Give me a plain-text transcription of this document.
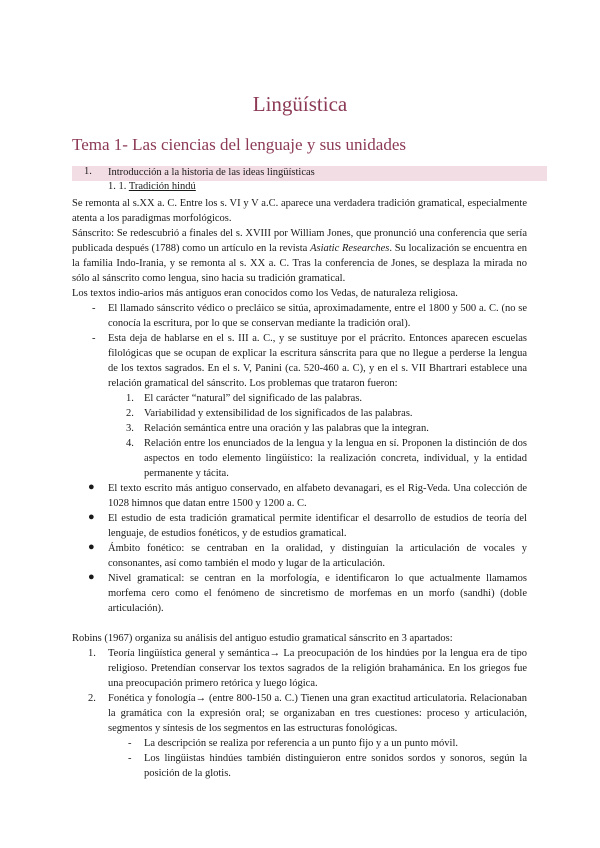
Lingüística
Tema 1- Las ciencias del lenguaje y sus unidades
1. Introducción a la historia de las ideas lingüísticas
1. 1. Tradición hindú

Se remonta al s.XX a. C. Entre los s. VI y V a.C. aparece una verdadera tradición gramatical, especialmente atenta a los paradigmas morfológicos.

Sánscrito: Se redescubrió a finales del s. XVIII por William Jones, que pronunció una conferencia que sería publicada después (1788) como un artículo en la revista Asiatic Researches. Su localización se encuentra en la familia Indo-Irania, y se remonta al s. XX a. C. Tras la conferencia de Jones, se desplaza la mirada no sólo al sánscrito como lengua, sino hacia su tradición gramatical.

Los textos indio-arios más antiguos eran conocidos como los Vedas, de naturaleza religiosa.

- El llamado sánscrito védico o precláico se sitúa, aproximadamente, entre el 1800 y 500 a. C. (no se conocía la escritura, por lo que se conservan mediante la tradición oral).
- Esta deja de hablarse en el s. III a. C., y se sustituye por el prácrito. Entonces aparecen escuelas filológicas que se ocupan de explicar la escritura sánscrita para que no llegue a perderse la lengua de los textos sagrados. En el s. V, Panini (ca. 520-460 a. C), y en el s. VII Bhartrari establece una relación gramatical del sánscrito. Los problemas que trataron fueron:
1. El carácter “natural” del significado de las palabras.
2. Variabilidad y extensibilidad de los significados de las palabras.
3. Relación semántica entre una oración y las palabras que la integran.
4. Relación entre los enunciados de la lengua y la lengua en sí. Proponen la distinción de dos aspectos en todo elemento lingüístico: la realización concreta, individual, y la entidad permanente y tácita.
● El texto escrito más antiguo conservado, en alfabeto devanagari, es el Rig-Veda. Una colección de 1028 himnos que datan entre 1500 y 1200 a. C.
● El estudio de esta tradición gramatical permite identificar el desarrollo de estudios de teoría del lenguaje, de estudios fonéticos, y de estudios gramatical.
● Ámbito fonético: se centraban en la oralidad, y distinguían la articulación de vocales y consonantes, así como también el modo y lugar de la articulación.
● Nivel gramatical: se centran en la morfología, e identificaron lo que actualmente llamamos morfema cero como el fenómeno de sincretismo de morfemas en un morfo (sandhi) (doble articulación).

Robins (1967) organiza su análisis del antiguo estudio gramatical sánscrito en 3 apartados:

1. Teoría lingüística general y semántica→ La preocupación de los hindúes por la lengua era de tipo religioso. Pretendían conservar los textos sagrados de la religión brahamánica. En los griegos fue una preocupación primero retórica y luego lógica.
2. Fonética y fonología→ (entre 800-150 a. C.) Tienen una gran exactitud articulatoria. Relacionaban la gramática con la expresión oral; se organizaban en tres cuestiones: proceso y articulación, segmentos y síntesis de los segmentos en las estructuras fonológicas.
- La descripción se realiza por referencia a un punto fijo y a un punto móvil.
- Los lingüistas hindúes también distinguieron entre sonidos sordos y sonoros, según la posición de la glotis.
